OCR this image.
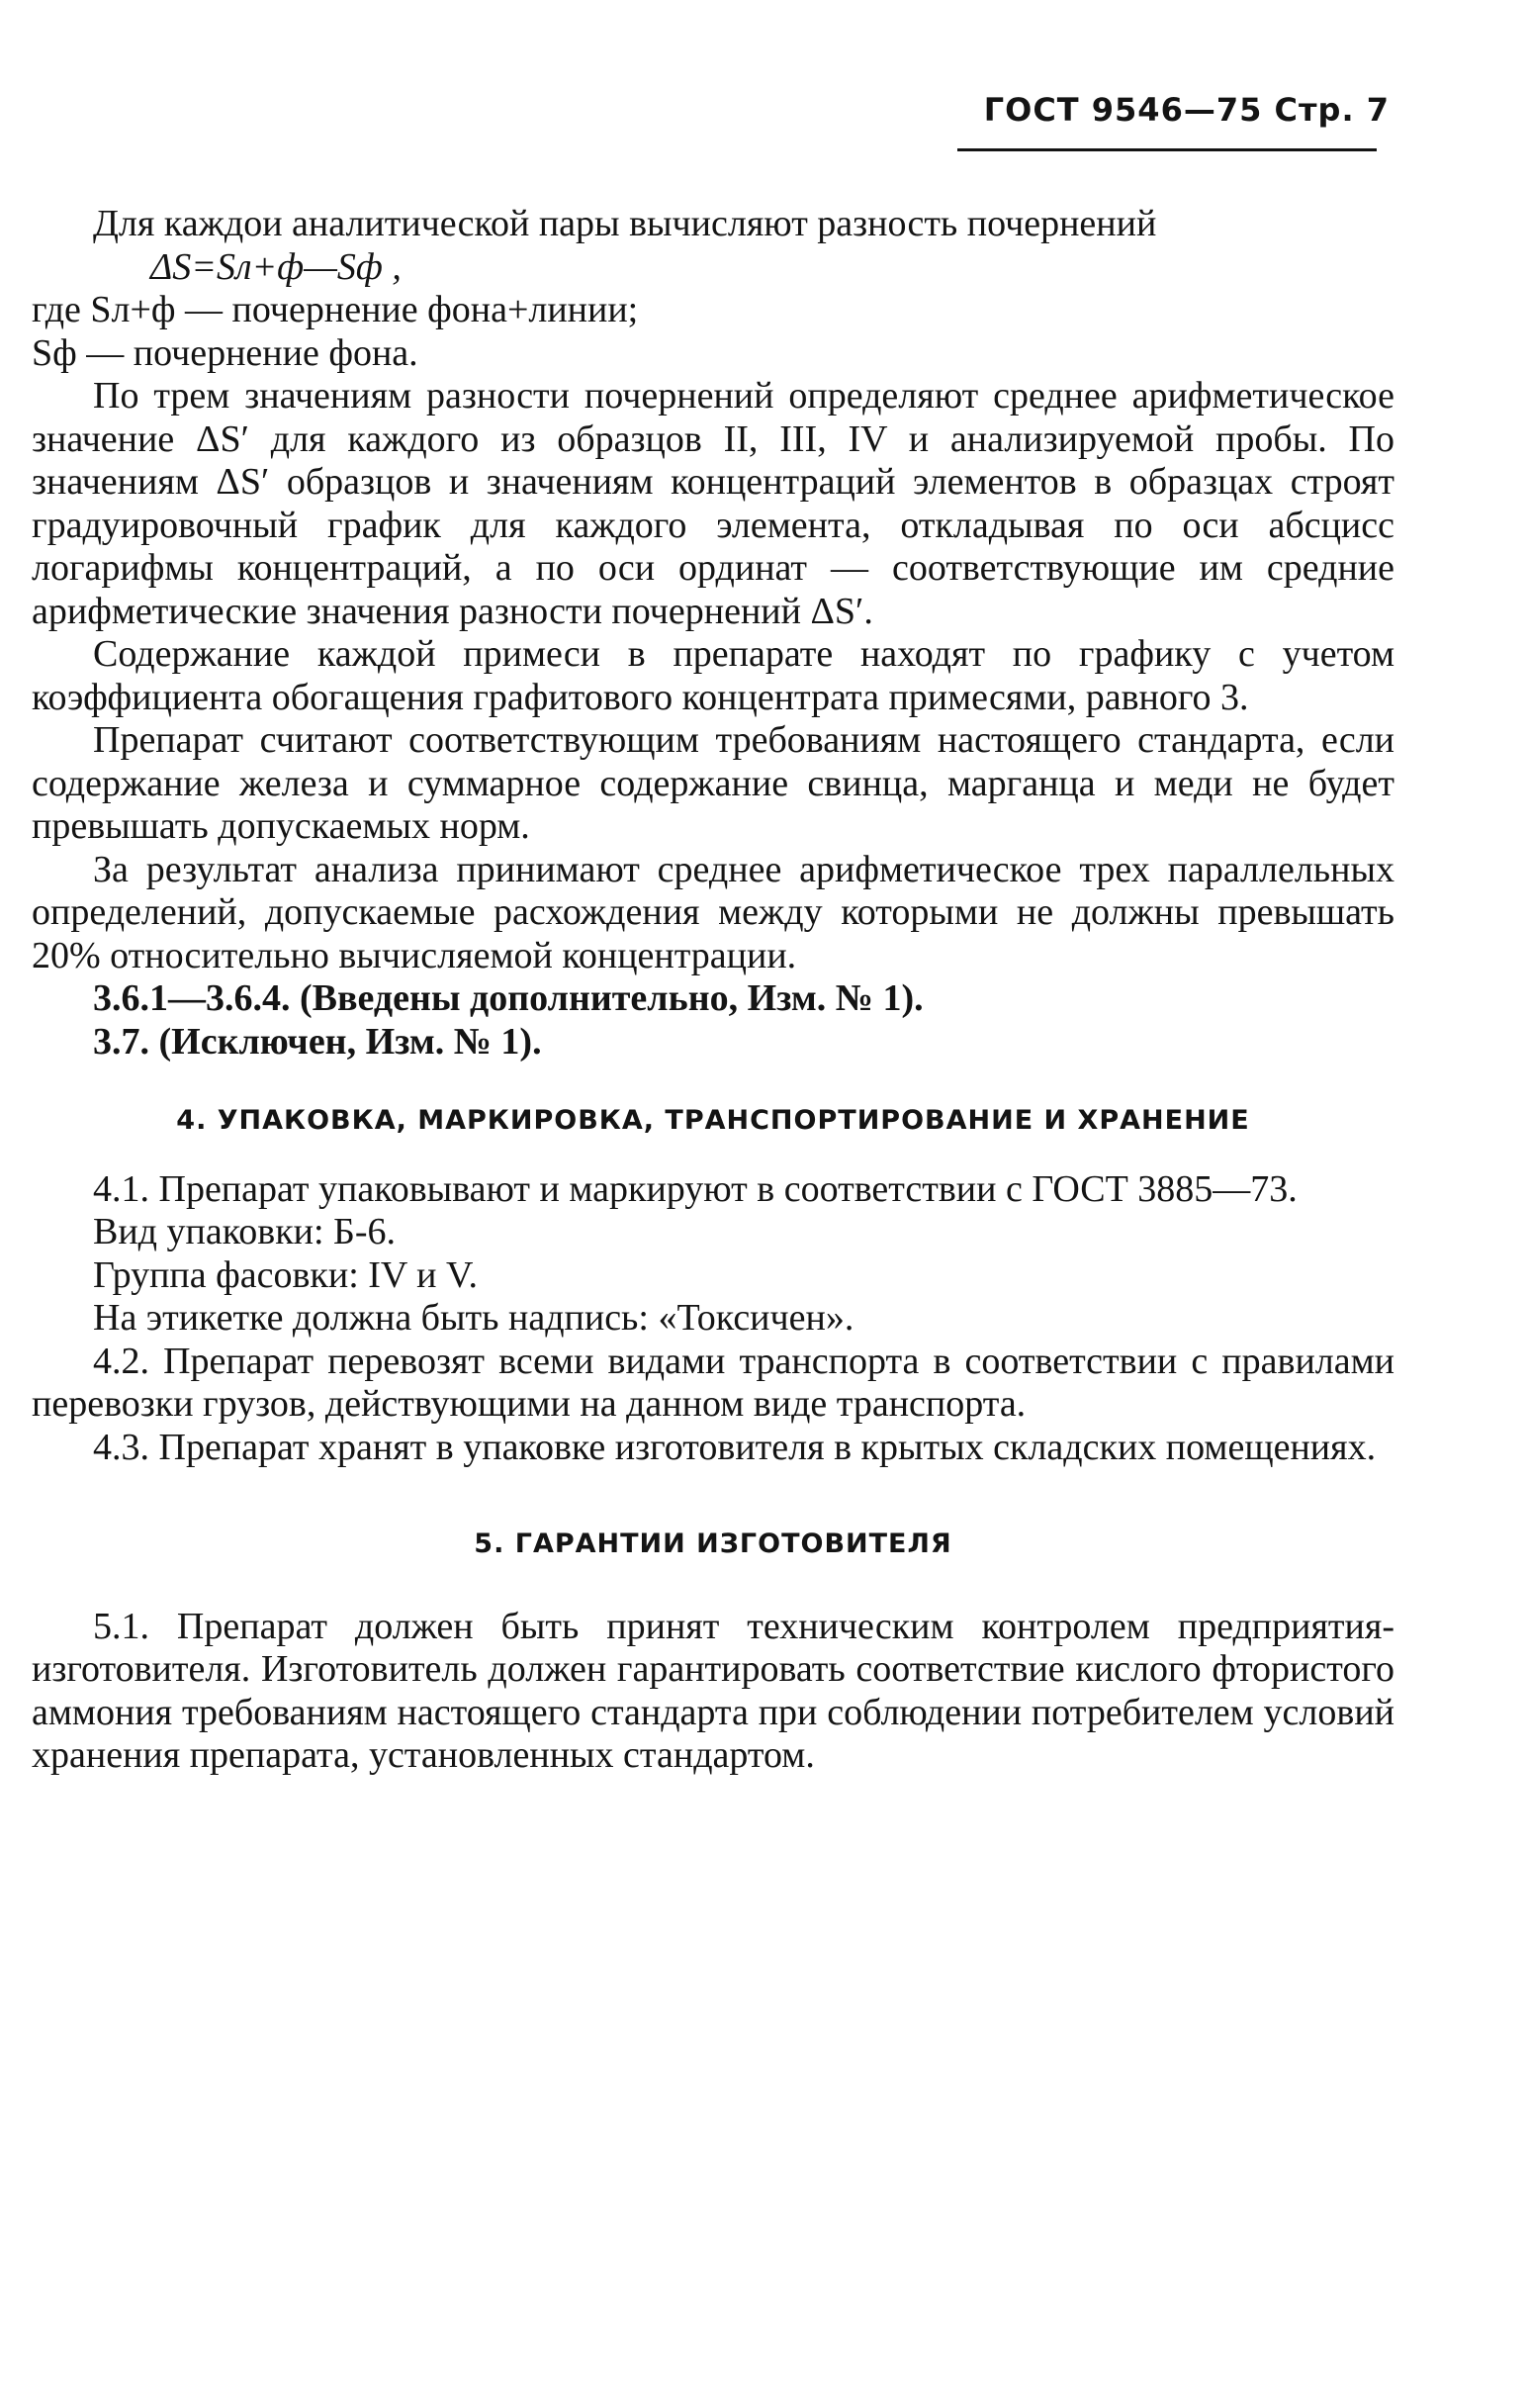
ГОСТ 9546—75 Стр. 7

Для каждои аналитической пары вычисляют разность почернений

ΔS=Sл+ф—Sф ,

где Sл+ф — почернение фона+линии;

Sф — почернение фона.

По трем значениям разности почернений определяют среднее арифметическое значение ΔS′ для каждого из образцов II, III, IV и анализируемой пробы. По значениям ΔS′ образцов и значениям концентраций элементов в образцах строят градуировочный график для каждого элемента, откладывая по оси абсцисс логарифмы концентраций, а по оси ординат — соответствующие им средние арифметические значения разности почернений ΔS′.

Содержание каждой примеси в препарате находят по графику с учетом коэффициента обогащения графитового концентрата примесями, равного 3.

Препарат считают соответствующим требованиям настоящего стандарта, если содержание железа и суммарное содержание свинца, марганца и меди не будет превышать допускаемых норм.

За результат анализа принимают среднее арифметическое трех параллельных определений, допускаемые расхождения между которыми не должны превышать 20% относительно вычисляемой концентрации.

3.6.1—3.6.4. (Введены дополнительно, Изм. № 1).

3.7. (Исключен, Изм. № 1).

4. УПАКОВКА, МАРКИРОВКА, ТРАНСПОРТИРОВАНИЕ И ХРАНЕНИЕ

4.1. Препарат упаковывают и маркируют в соответствии с ГОСТ 3885—73.

Вид упаковки: Б-6.

Группа фасовки: IV и V.

На этикетке должна быть надпись: «Токсичен».

4.2. Препарат перевозят всеми видами транспорта в соответствии с правилами перевозки грузов, действующими на данном виде транспорта.

4.3. Препарат хранят в упаковке изготовителя в крытых складских помещениях.

5. ГАРАНТИИ ИЗГОТОВИТЕЛЯ

5.1. Препарат должен быть принят техническим контролем предприятия-изготовителя. Изготовитель должен гарантировать соответствие кислого фтористого аммония требованиям настоящего стандарта при соблюдении потребителем условий хранения препарата, установленных стандартом.
